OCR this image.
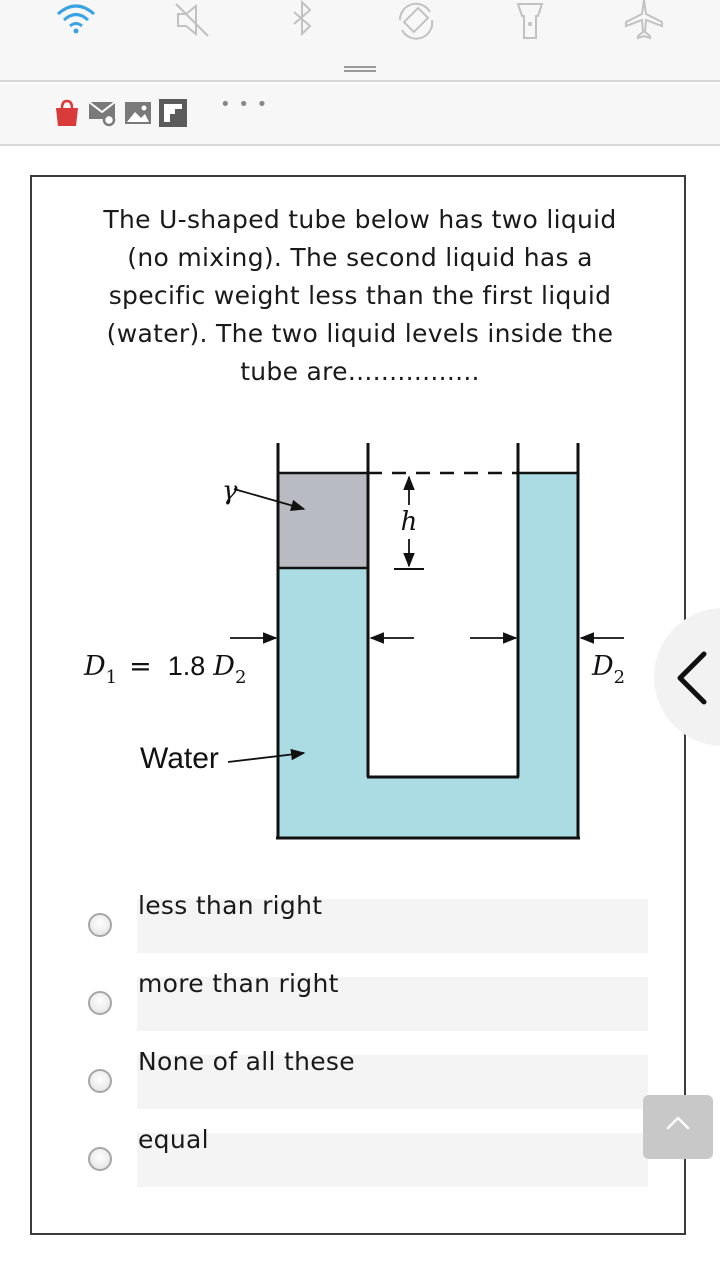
• • •
The U-shaped tube below has two liquid (no mixing). The second liquid has a specific weight less than the first liquid (water). The two liquid levels inside the tube are................
h
γ
$D_1 = 1.8$ $D_2$	$D_2$
Water
less than right
more than right
None of all these
equal
